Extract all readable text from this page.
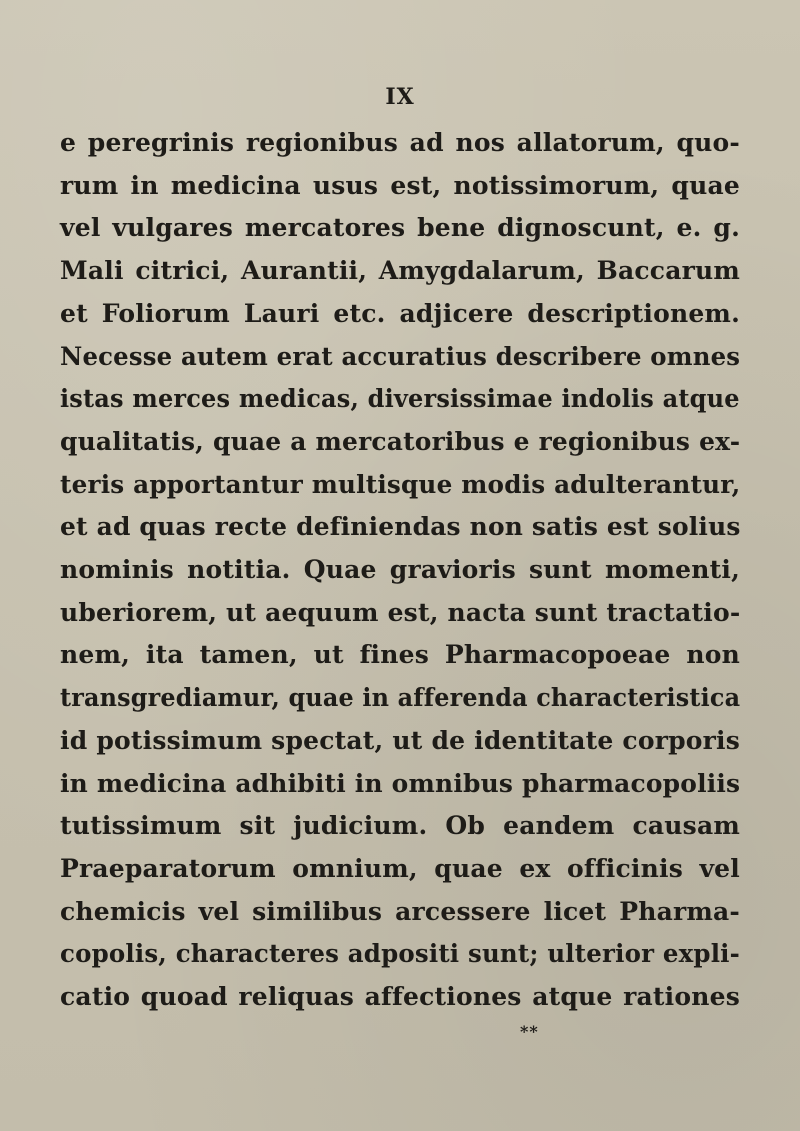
IX
e peregrinis regionibus ad nos allatorum, quo-
rum in medicina usus est, notissimorum, quae
vel vulgares mercatores bene dignoscunt, e. g.
Mali citrici, Aurantii, Amygdalarum, Baccarum
et Foliorum Lauri etc. adjicere descriptionem.
Necesse autem erat accuratius describere omnes
istas merces medicas, diversissimae indolis atque
qualitatis, quae a mercatoribus e regionibus ex-
teris apportantur multisque modis adulterantur,
et ad quas recte definiendas non satis est solius
nominis notitia. Quae gravioris sunt momenti,
uberiorem, ut aequum est, nacta sunt tractatio-
nem, ita tamen, ut fines Pharmacopoeae non
transgrediamur, quae in afferenda characteristica
id potissimum spectat, ut de identitate corporis
in medicina adhibiti in omnibus pharmacopoliis
tutissimum sit judicium. Ob eandem causam
Praeparatorum omnium, quae ex officinis vel
chemicis vel similibus arcessere licet Pharma-
copolis, characteres adpositi sunt; ulterior expli-
catio quoad reliquas affectiones atque rationes
**
